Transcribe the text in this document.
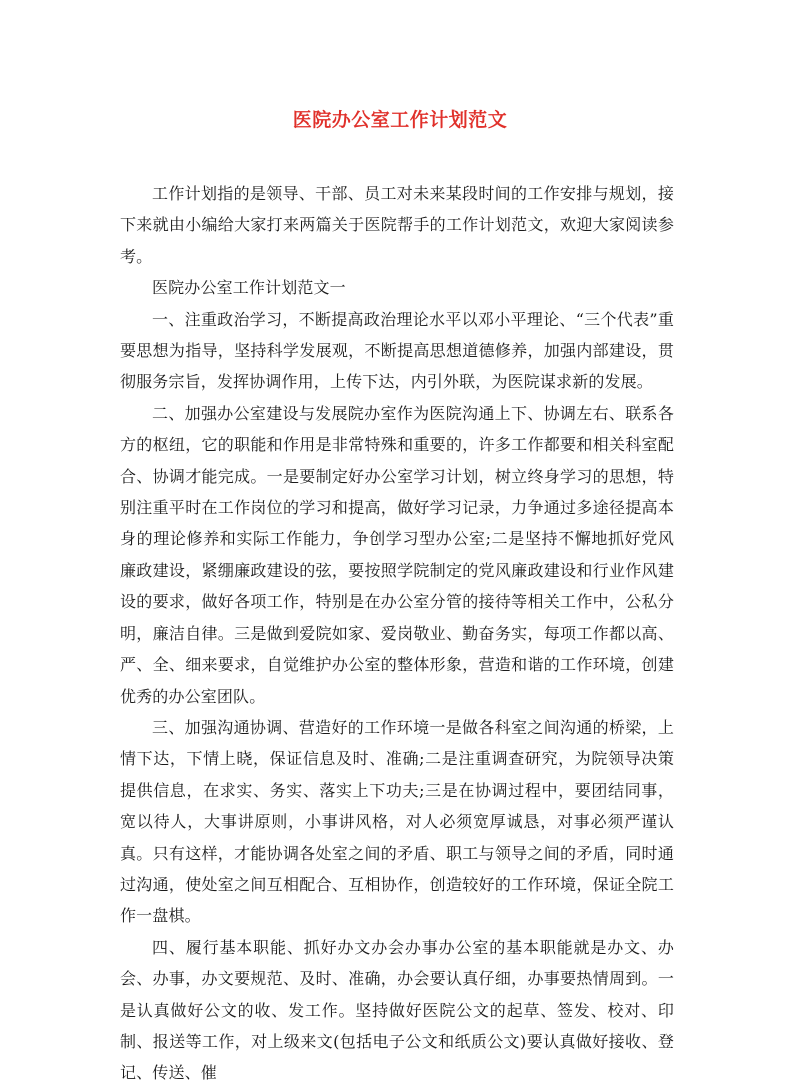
医院办公室工作计划范文

工作计划指的是领导、干部、员工对未来某段时间的工作安排与规划，接下来就由小编给大家打来两篇关于医院帮手的工作计划范文，欢迎大家阅读参考。

医院办公室工作计划范文一

一、注重政治学习，不断提高政治理论水平以邓小平理论、“三个代表”重要思想为指导，坚持科学发展观，不断提高思想道德修养，加强内部建设，贯彻服务宗旨，发挥协调作用，上传下达，内引外联，为医院谋求新的发展。

二、加强办公室建设与发展院办室作为医院沟通上下、协调左右、联系各方的枢纽，它的职能和作用是非常特殊和重要的，许多工作都要和相关科室配合、协调才能完成。一是要制定好办公室学习计划，树立终身学习的思想，特别注重平时在工作岗位的学习和提高，做好学习记录，力争通过多途径提高本身的理论修养和实际工作能力，争创学习型办公室;二是坚持不懈地抓好党风廉政建设，紧绷廉政建设的弦，要按照学院制定的党风廉政建设和行业作风建设的要求，做好各项工作，特别是在办公室分管的接待等相关工作中，公私分明，廉洁自律。三是做到爱院如家、爱岗敬业、勤奋务实，每项工作都以高、严、全、细来要求，自觉维护办公室的整体形象，营造和谐的工作环境，创建优秀的办公室团队。

三、加强沟通协调、营造好的工作环境一是做各科室之间沟通的桥梁，上情下达，下情上晓，保证信息及时、准确;二是注重调查研究，为院领导决策提供信息，在求实、务实、落实上下功夫;三是在协调过程中，要团结同事，宽以待人，大事讲原则，小事讲风格，对人必须宽厚诚恳，对事必须严谨认真。只有这样，才能协调各处室之间的矛盾、职工与领导之间的矛盾，同时通过沟通，使处室之间互相配合、互相协作，创造较好的工作环境，保证全院工作一盘棋。

四、履行基本职能、抓好办文办会办事办公室的基本职能就是办文、办会、办事，办文要规范、及时、准确，办会要认真仔细，办事要热情周到。一是认真做好公文的收、发工作。坚持做好医院公文的起草、签发、校对、印制、报送等工作，对上级来文(包括电子公文和纸质公文)要认真做好接收、登记、传送、催
